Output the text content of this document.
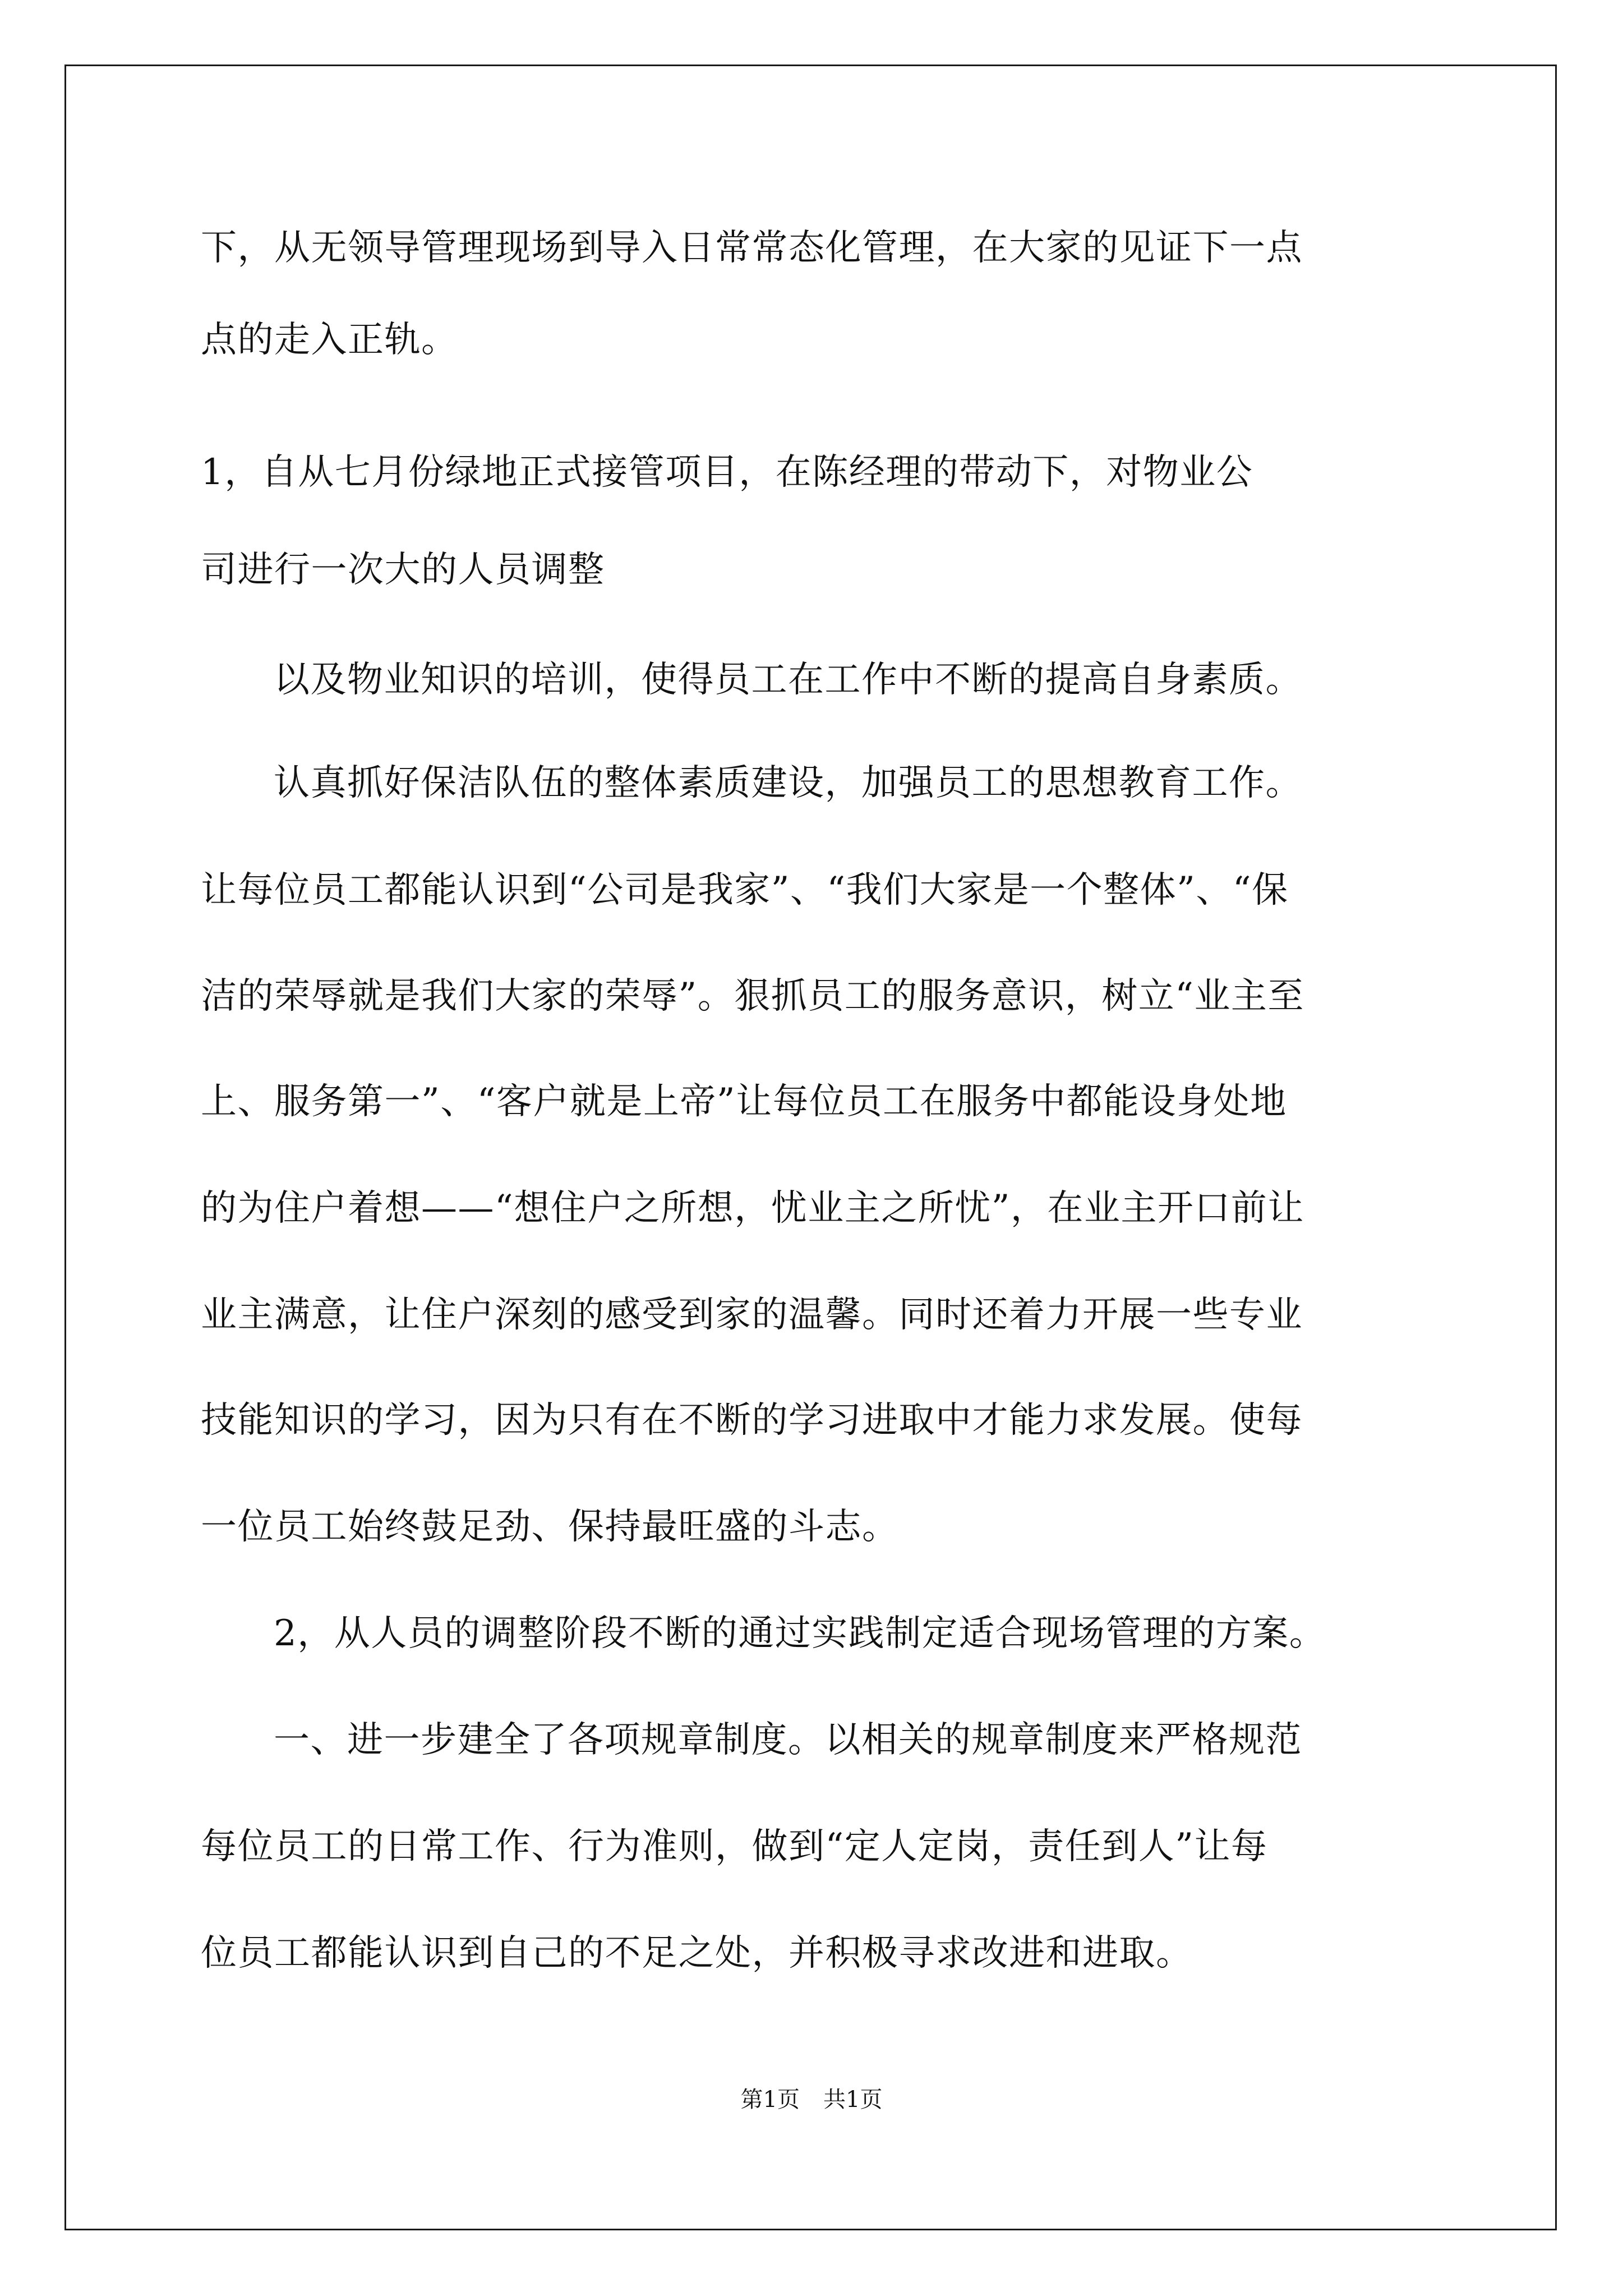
下，从无领导管理现场到导入日常常态化管理，在大家的见证下一点

点的走入正轨。

1，自从七月份绿地正式接管项目，在陈经理的带动下，对物业公

司进行一次大的人员调整

以及物业知识的培训，使得员工在工作中不断的提高自身素质。

认真抓好保洁队伍的整体素质建设，加强员工的思想教育工作。

让每位员工都能认识到“公司是我家”、“我们大家是一个整体”、“保

洁的荣辱就是我们大家的荣辱”。狠抓员工的服务意识，树立“业主至

上、服务第一”、“客户就是上帝”让每位员工在服务中都能设身处地

的为住户着想——“想住户之所想，忧业主之所忧”，在业主开口前让

业主满意，让住户深刻的感受到家的温馨。同时还着力开展一些专业

技能知识的学习，因为只有在不断的学习进取中才能力求发展。使每

一位员工始终鼓足劲、保持最旺盛的斗志。

2，从人员的调整阶段不断的通过实践制定适合现场管理的方案。

一、进一步建全了各项规章制度。以相关的规章制度来严格规范

每位员工的日常工作、行为准则，做到“定人定岗，责任到人”让每

位员工都能认识到自己的不足之处，并积极寻求改进和进取。

第1页 共1页
